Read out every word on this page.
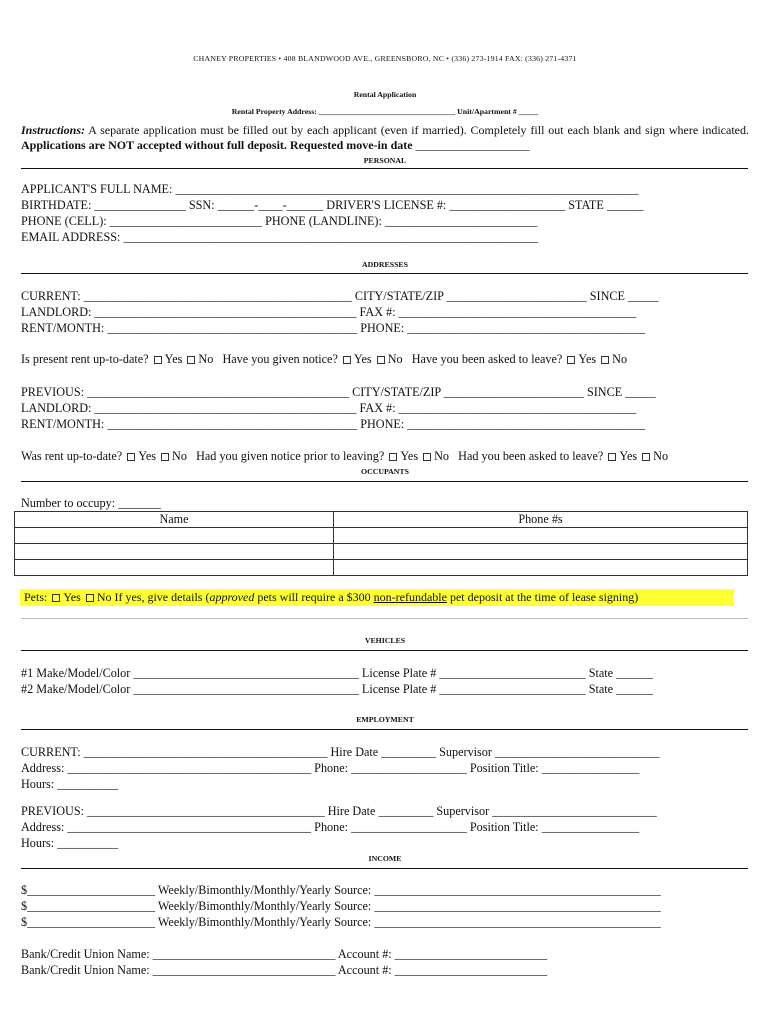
CHANEY PROPERTIES • 408 BLANDWOOD AVE., GREENSBORO, NC • (336) 273-1914 FAX: (336) 271-4371
Rental Application
Rental Property Address: ___________________________________ Unit/Apartment # _____
Instructions: A separate application must be filled out by each applicant (even if married). Completely fill out each blank and sign where indicated. Applications are NOT accepted without full deposit. Requested move-in date ___________________
PERSONAL
APPLICANT'S FULL NAME: ____________________________________________________________________________
BIRTHDATE: _______________ SSN: ______-____-______ DRIVER'S LICENSE #: ___________________ STATE ______
PHONE (CELL): _________________________ PHONE (LANDLINE): _________________________
EMAIL ADDRESS: ____________________________________________________________________
ADDRESSES
CURRENT: ____________________________________________ CITY/STATE/ZIP _______________________ SINCE _____
LANDLORD: ___________________________________________ FAX #: _______________________________________
RENT/MONTH: _________________________________________ PHONE: _______________________________________
Is present rent up-to-date? Yes No Have you given notice? Yes No Have you been asked to leave? Yes No
PREVIOUS: ___________________________________________ CITY/STATE/ZIP _______________________ SINCE _____
LANDLORD: ___________________________________________ FAX #: _______________________________________
RENT/MONTH: _________________________________________ PHONE: _______________________________________
Was rent up-to-date? Yes No Had you given notice prior to leaving? Yes No Had you been asked to leave? Yes No
OCCUPANTS
Number to occupy: _______
Name	Phone #s

Pets: Yes No If yes, give details (approved pets will require a $300 non-refundable pet deposit at the time of lease signing)
VEHICLES
#1 Make/Model/Color _____________________________________ License Plate # ________________________ State ______
#2 Make/Model/Color _____________________________________ License Plate # ________________________ State ______
EMPLOYMENT
CURRENT: ________________________________________ Hire Date _________ Supervisor ___________________________
Address: ________________________________________ Phone: ___________________ Position Title: ________________
Hours: __________
PREVIOUS: _______________________________________ Hire Date _________ Supervisor ___________________________
Address: ________________________________________ Phone: ___________________ Position Title: ________________
Hours: __________
INCOME
$_____________________ Weekly/Bimonthly/Monthly/Yearly Source: _______________________________________________
$_____________________ Weekly/Bimonthly/Monthly/Yearly Source: _______________________________________________
$_____________________ Weekly/Bimonthly/Monthly/Yearly Source: _______________________________________________
Bank/Credit Union Name: ______________________________ Account #: _________________________
Bank/Credit Union Name: ______________________________ Account #: _________________________
